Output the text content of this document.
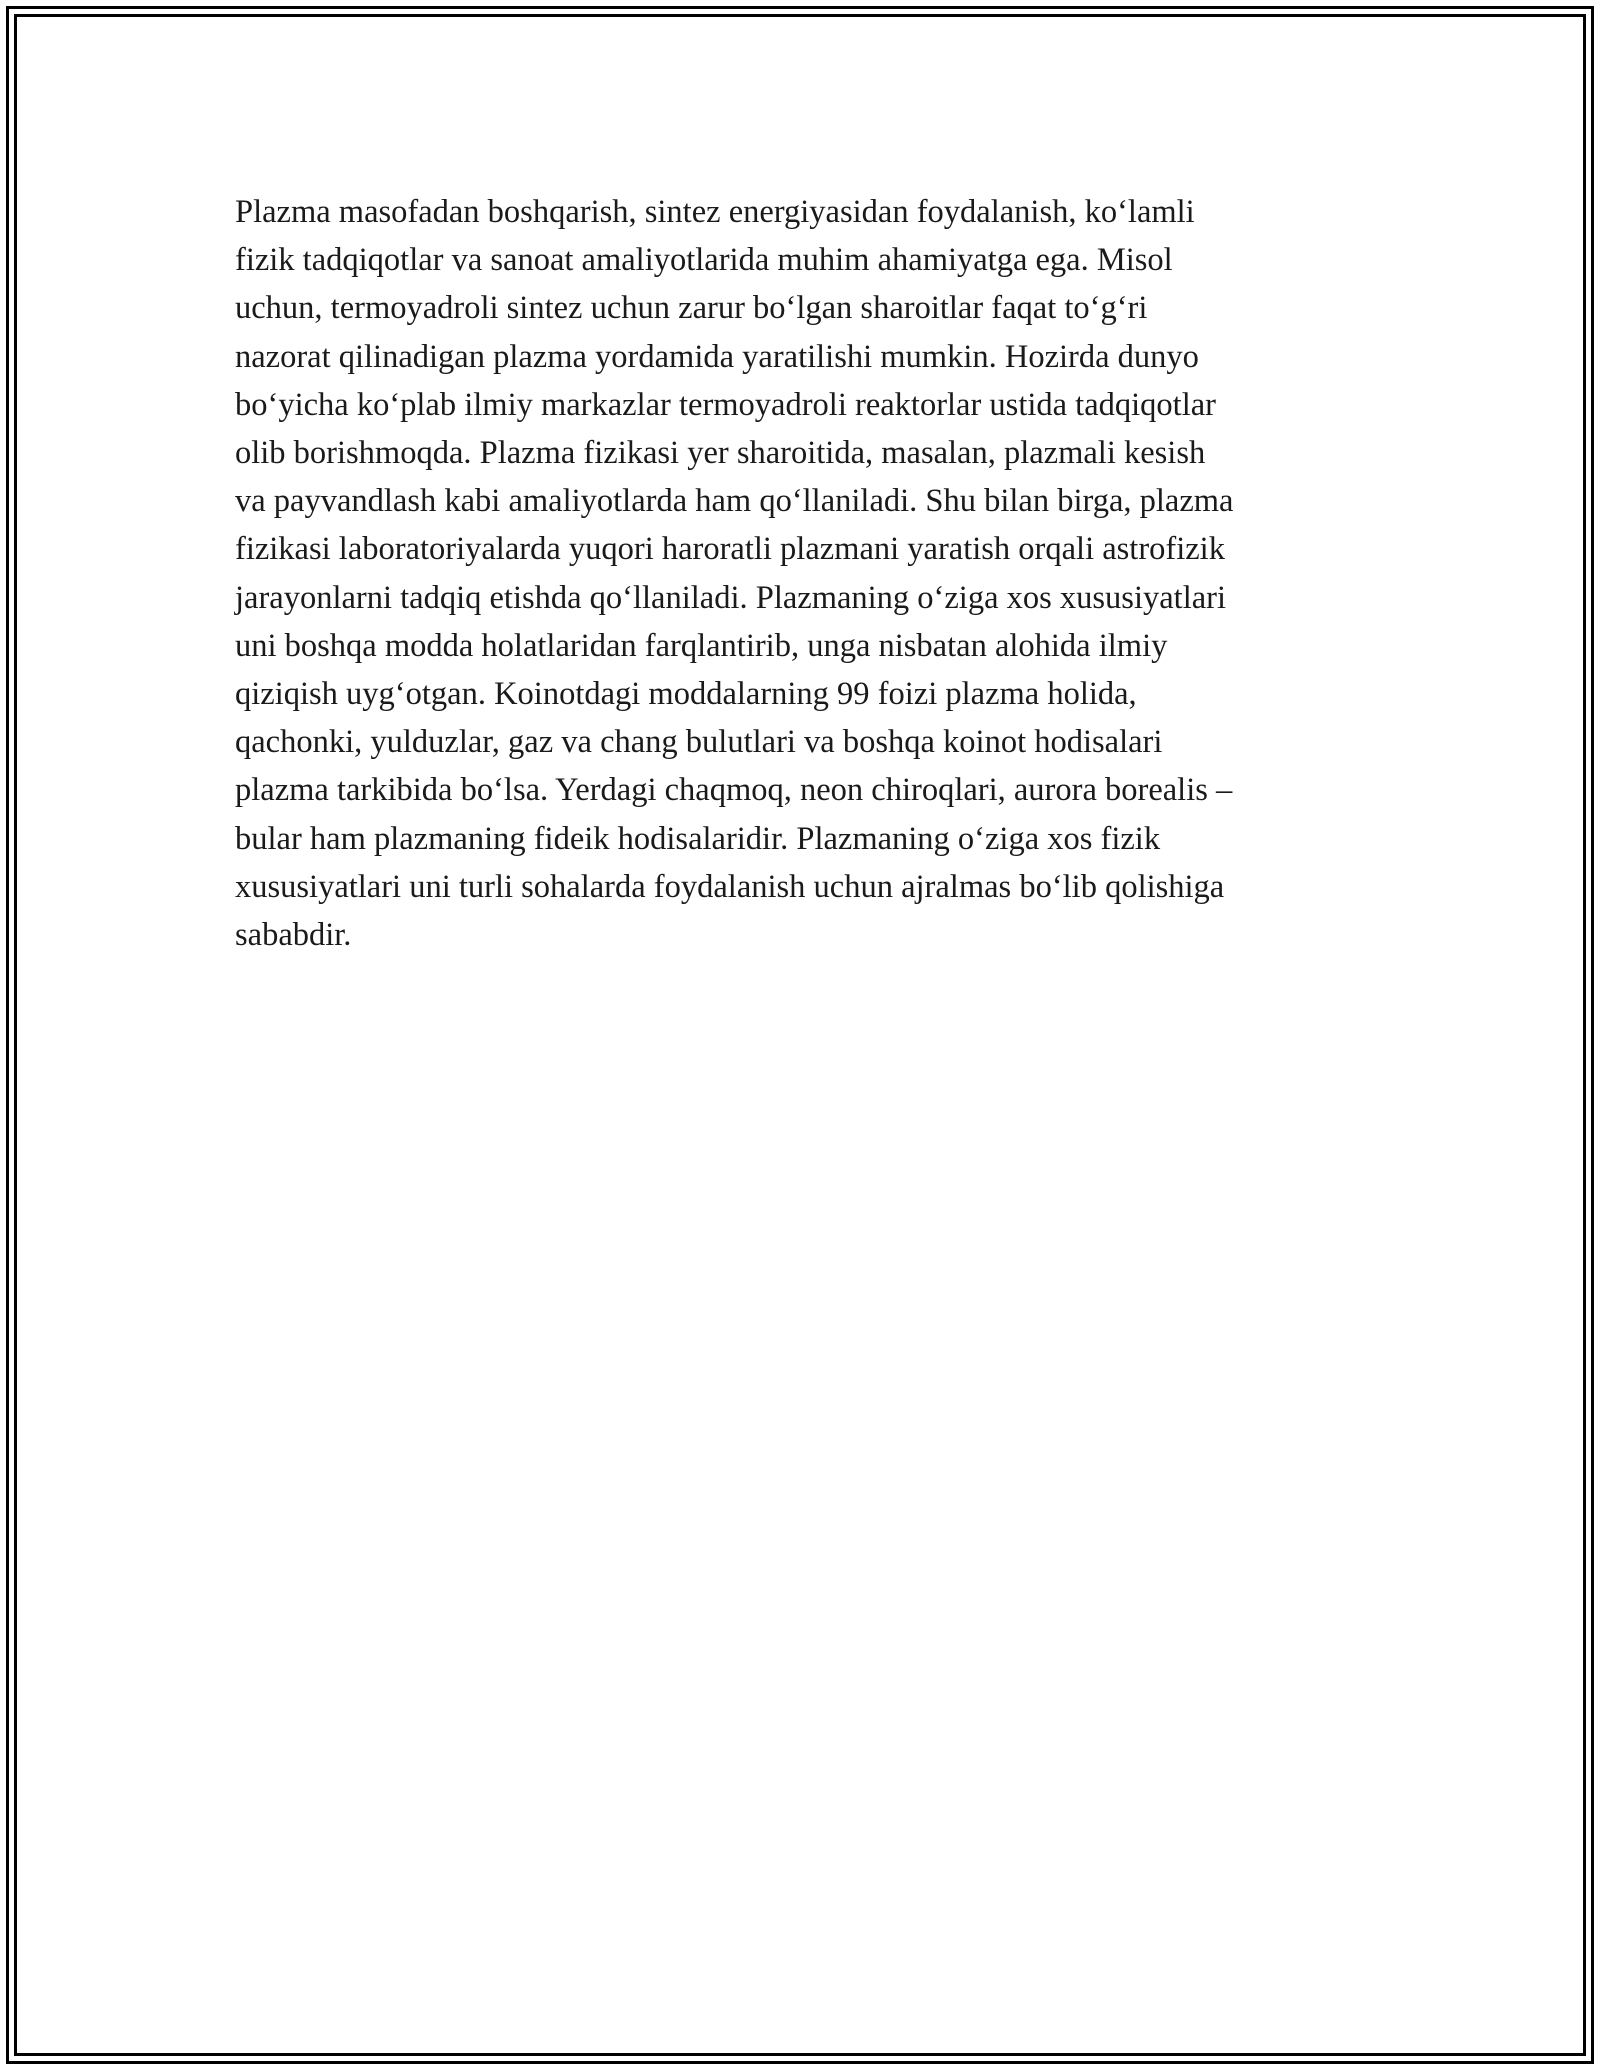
Plazma masofadan boshqarish, sintez energiyasidan foydalanish, ko‘lamli
fizik tadqiqotlar va sanoat amaliyotlarida muhim ahamiyatga ega. Misol
uchun, termoyadroli sintez uchun zarur bo‘lgan sharoitlar faqat to‘g‘ri
nazorat qilinadigan plazma yordamida yaratilishi mumkin. Hozirda dunyo
bo‘yicha ko‘plab ilmiy markazlar termoyadroli reaktorlar ustida tadqiqotlar
olib borishmoqda. Plazma fizikasi yer sharoitida, masalan, plazmali kesish
va payvandlash kabi amaliyotlarda ham qo‘llaniladi. Shu bilan birga, plazma
fizikasi laboratoriyalarda yuqori haroratli plazmani yaratish orqali astrofizik
jarayonlarni tadqiq etishda qo‘llaniladi. Plazmaning o‘ziga xos xususiyatlari
uni boshqa modda holatlaridan farqlantirib, unga nisbatan alohida ilmiy
qiziqish uyg‘otgan. Koinotdagi moddalarning 99 foizi plazma holida,
qachonki, yulduzlar, gaz va chang bulutlari va boshqa koinot hodisalari
plazma tarkibida bo‘lsa. Yerdagi chaqmoq, neon chiroqlari, aurora borealis –
bular ham plazmaning fideik hodisalaridir. Plazmaning o‘ziga xos fizik
xususiyatlari uni turli sohalarda foydalanish uchun ajralmas bo‘lib qolishiga
sababdir.
